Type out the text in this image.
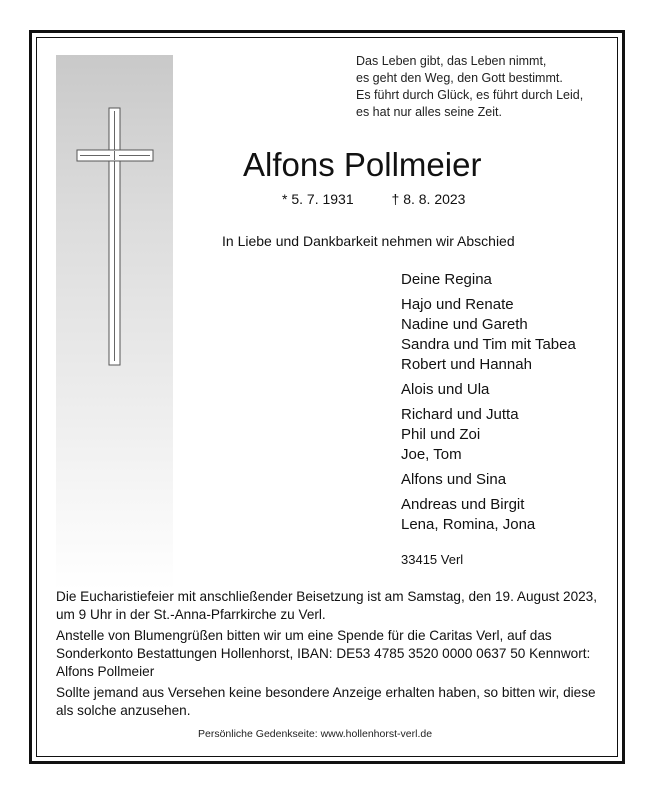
Das Leben gibt, das Leben nimmt,
es geht den Weg, den Gott bestimmt.
Es führt durch Glück, es führt durch Leid,
es hat nur alles seine Zeit.
Alfons Pollmeier
* 5. 7. 1931	† 8. 8. 2023
In Liebe und Dankbarkeit nehmen wir Abschied
Deine Regina
Hajo und Renate
Nadine und Gareth
Sandra und Tim mit Tabea
Robert und Hannah
Alois und Ula
Richard und Jutta
Phil und Zoi
Joe, Tom
Alfons und Sina
Andreas und Birgit
Lena, Romina, Jona
33415 Verl

Die Eucharistiefeier mit anschließender Beisetzung ist am Samstag, den 19. August 2023, um 9 Uhr in der St.-Anna-Pfarrkirche zu Verl.

Anstelle von Blumengrüßen bitten wir um eine Spende für die Caritas Verl, auf das Sonderkonto Bestattungen Hollenhorst, IBAN: DE53 4785 3520 0000 0637 50 Kennwort: Alfons Pollmeier

Sollte jemand aus Versehen keine besondere Anzeige erhalten haben, so bitten wir, diese als solche anzusehen.

Persönliche Gedenkseite: www.hollenhorst-verl.de
